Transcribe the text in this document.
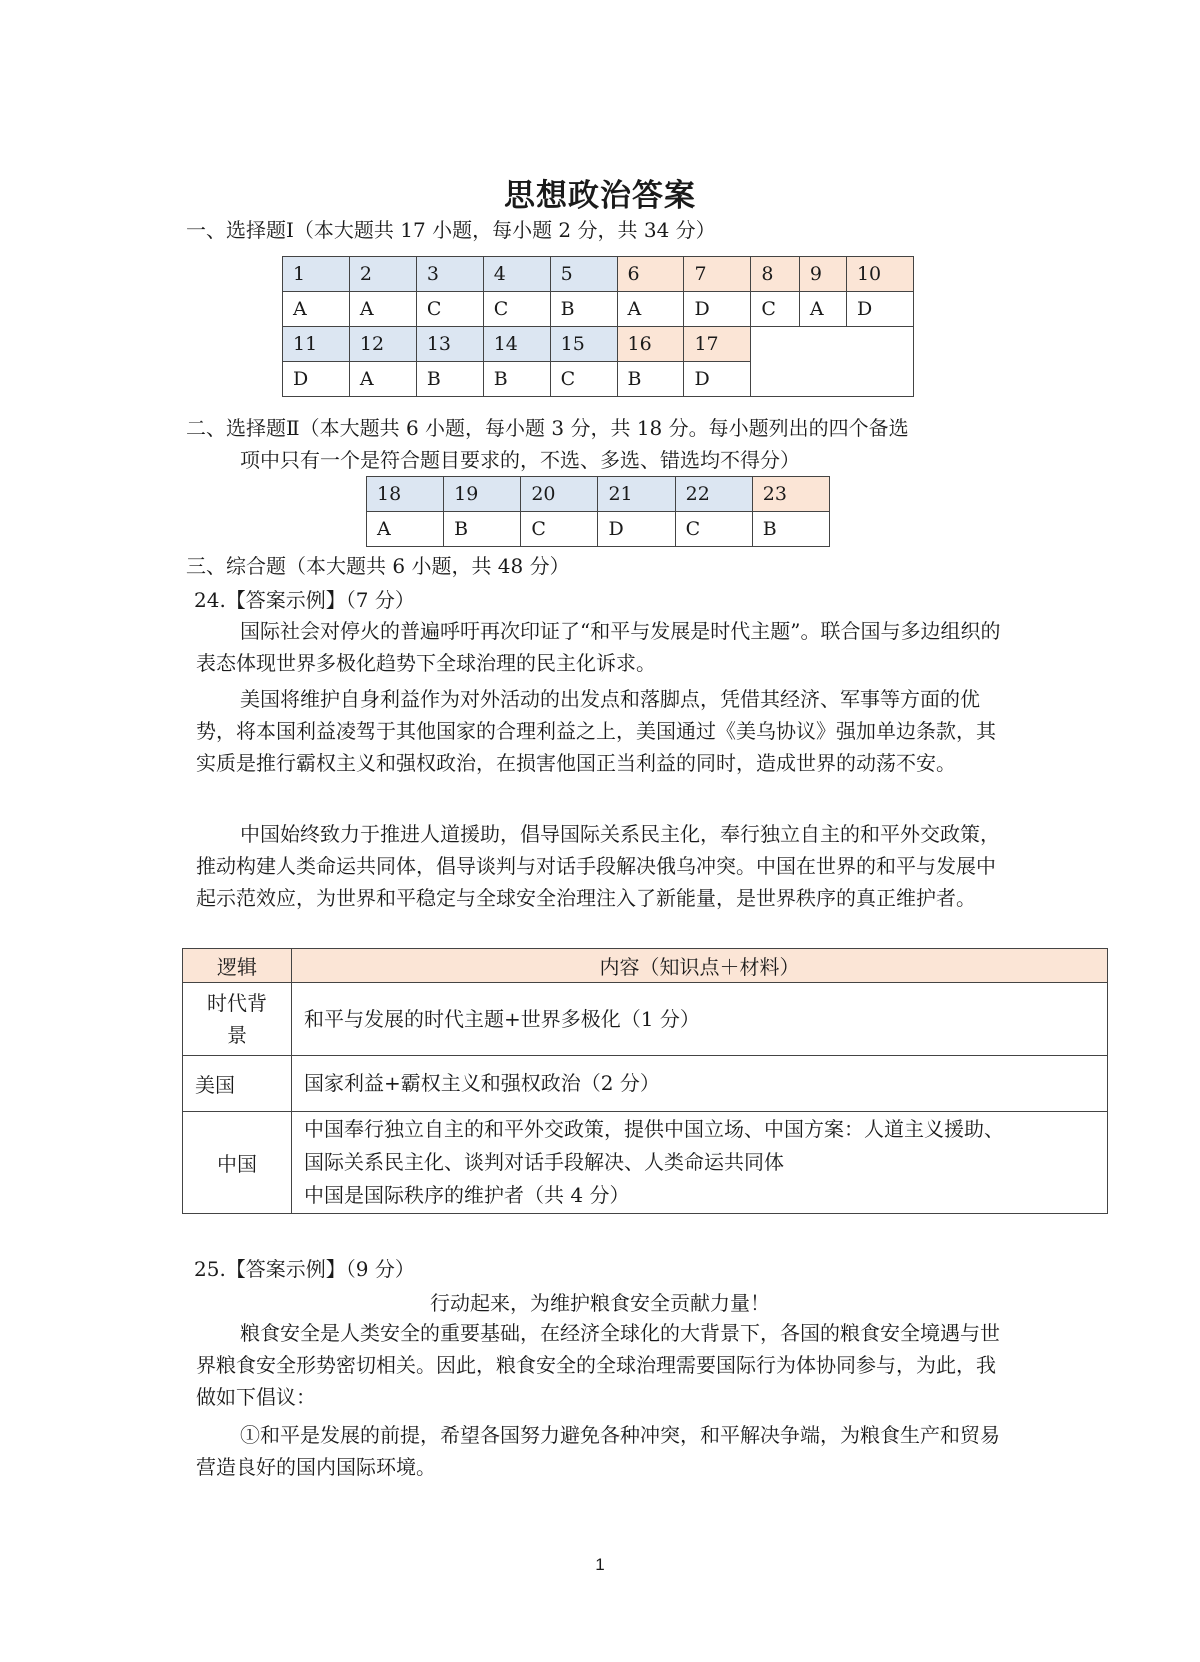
思想政治答案
一、选择题Ⅰ（本大题共 17 小题，每小题 2 分，共 34 分）
1	2	3	4	5	6	7	8	9	10
A	A	C	C	B	A	D	C	A	D
11	12	13	14	15	16	17			
D	A	B	B	C	B	D			
二、选择题Ⅱ（本大题共 6 小题，每小题 3 分，共 18 分。每小题列出的四个备选
项中只有一个是符合题目要求的，不选、多选、错选均不得分）
18	19	20	21	22	23
A	B	C	D	C	B
三、综合题（本大题共 6 小题，共 48 分）
24.【答案示例】（7 分）

国际社会对停火的普遍呼吁再次印证了“和平与发展是时代主题”。联合国与多边组织的表态体现世界多极化趋势下全球治理的民主化诉求。

美国将维护自身利益作为对外活动的出发点和落脚点，凭借其经济、军事等方面的优势，将本国利益凌驾于其他国家的合理利益之上，美国通过《美乌协议》强加单边条款，其实质是推行霸权主义和强权政治，在损害他国正当利益的同时，造成世界的动荡不安。

中国始终致力于推进人道援助，倡导国际关系民主化，奉行独立自主的和平外交政策，推动构建人类命运共同体，倡导谈判与对话手段解决俄乌冲突。中国在世界的和平与发展中起示范效应，为世界和平稳定与全球安全治理注入了新能量，是世界秩序的真正维护者。

逻辑	内容（知识点＋材料）

时代背
景	和平与发展的时代主题+世界多极化（1 分）
美国	国家利益+霸权主义和强权政治（2 分）
中国	中国奉行独立自主的和平外交政策，提供中国立场、中国方案：人道主义援助、
国际关系民主化、谈判对话手段解决、人类命运共同体
中国是国际秩序的维护者（共 4 分）
25.【答案示例】（9 分）
行动起来，为维护粮食安全贡献力量！

粮食安全是人类安全的重要基础，在经济全球化的大背景下，各国的粮食安全境遇与世界粮食安全形势密切相关。因此，粮食安全的全球治理需要国际行为体协同参与，为此，我做如下倡议：

①和平是发展的前提，希望各国努力避免各种冲突，和平解决争端，为粮食生产和贸易营造良好的国内国际环境。

1
